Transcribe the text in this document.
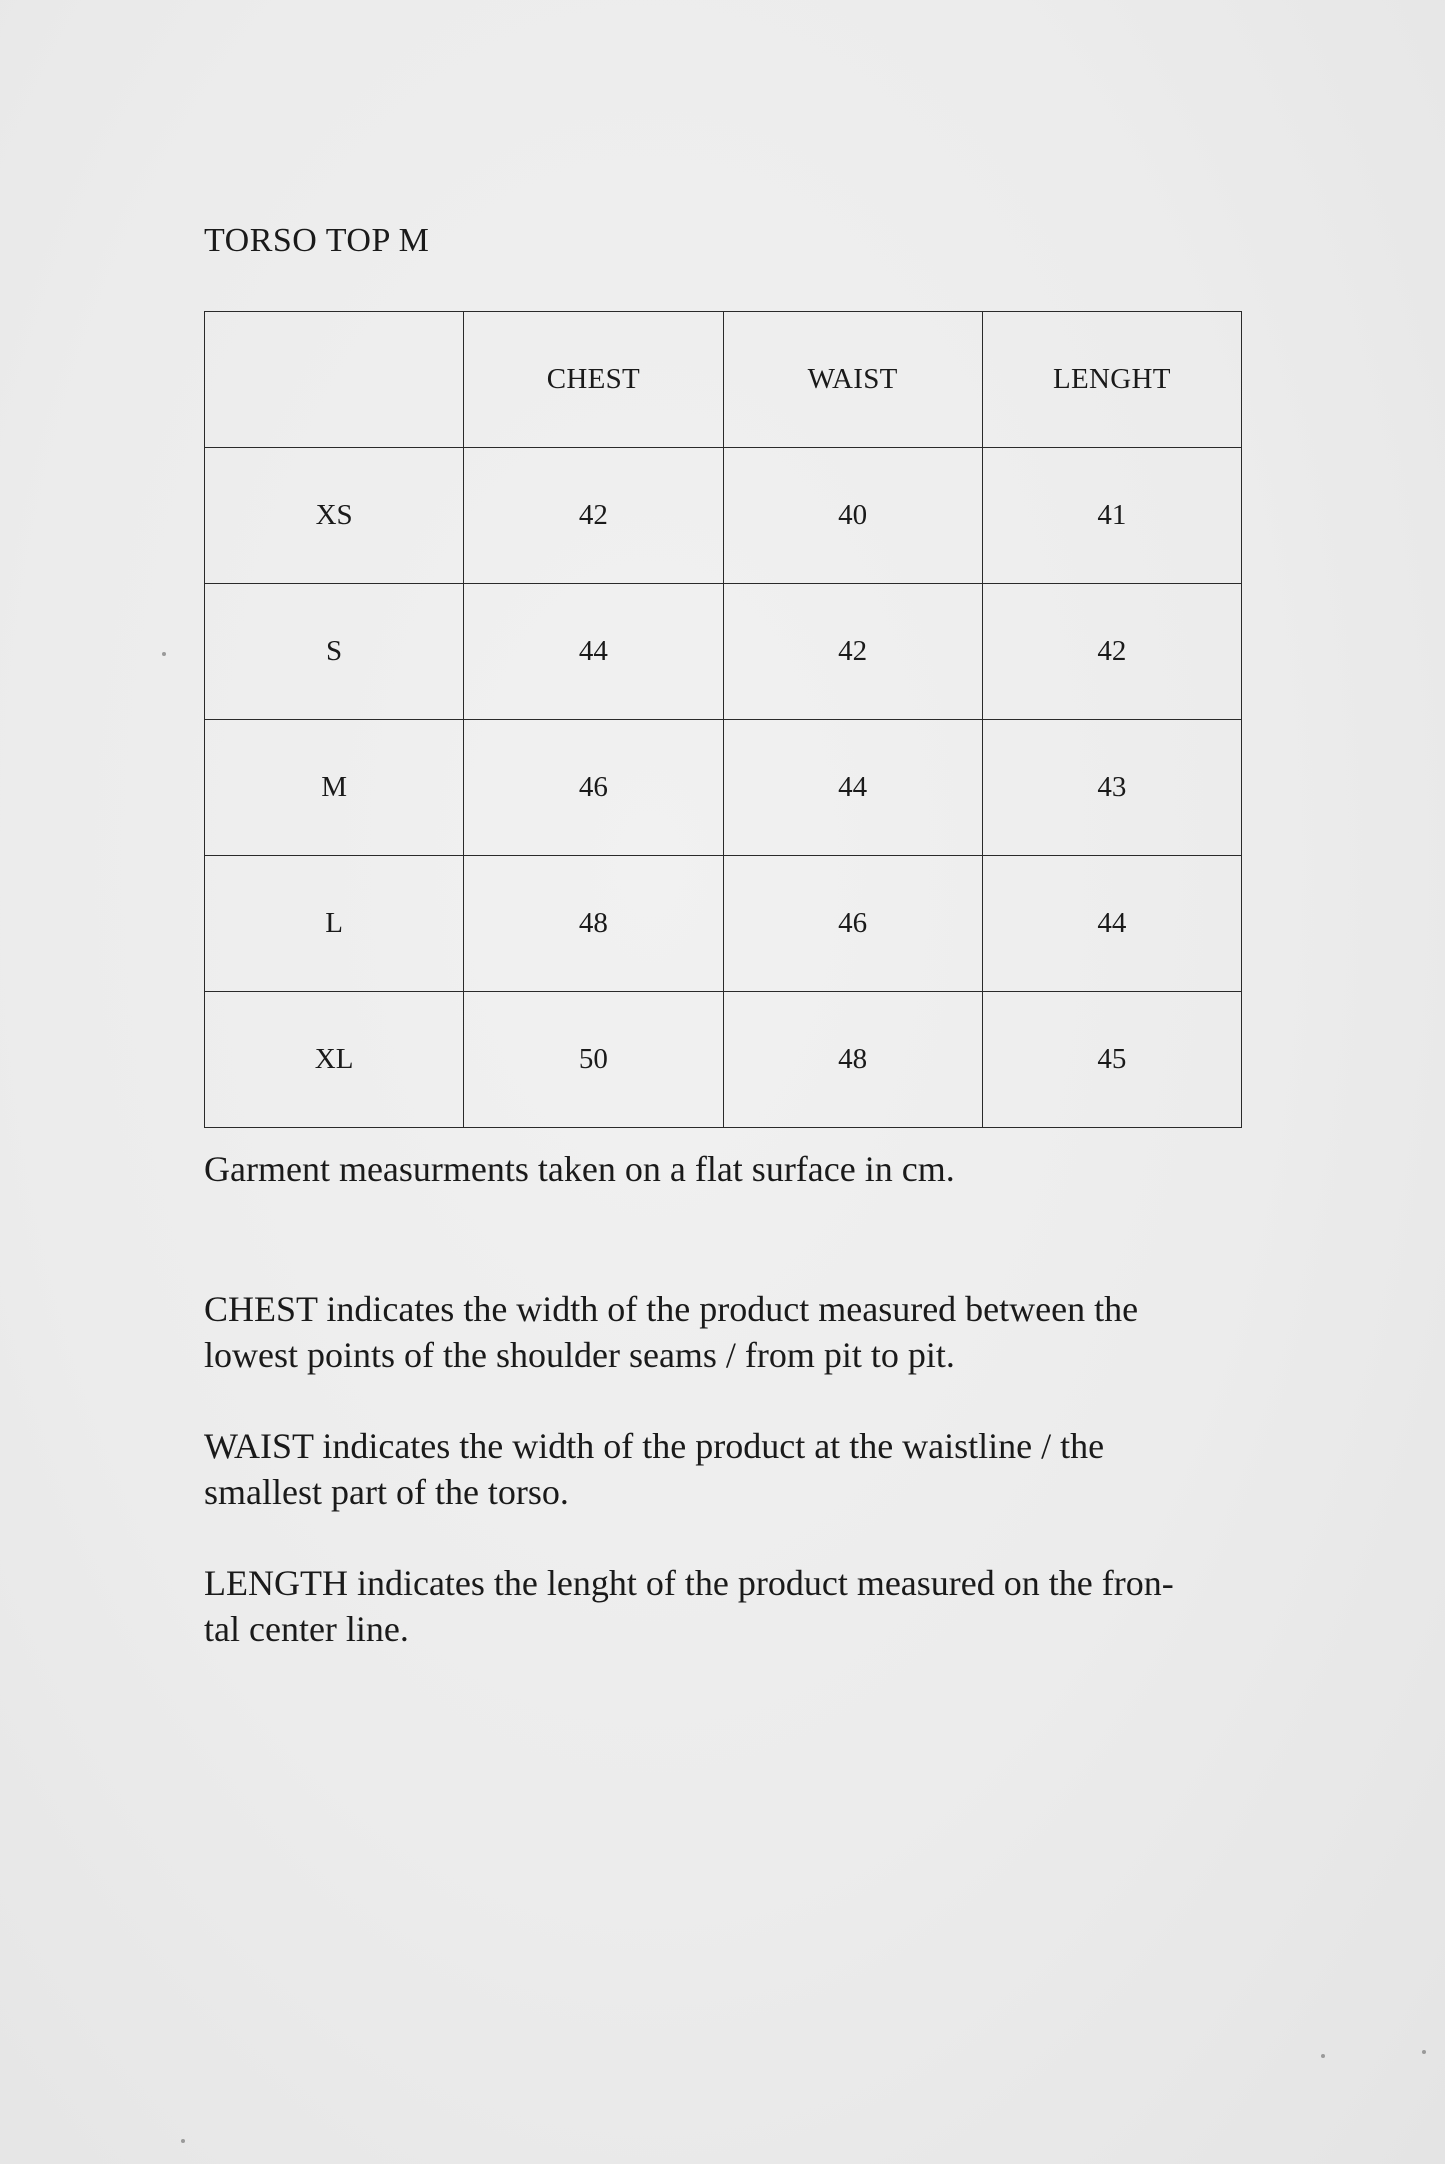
TORSO TOP M
	CHEST	WAIST	LENGHT
XS	42	40	41
S	44	42	42
M	46	44	43
L	48	46	44
XL	50	48	45
Garment measurments taken on a flat surface in cm.

CHEST indicates the width of the product measured between the
lowest points of the shoulder seams / from pit to pit.

WAIST indicates the width of the product at the waistline / the
smallest part of the torso.

LENGTH indicates the lenght of the product measured on the fron-
tal center line.
